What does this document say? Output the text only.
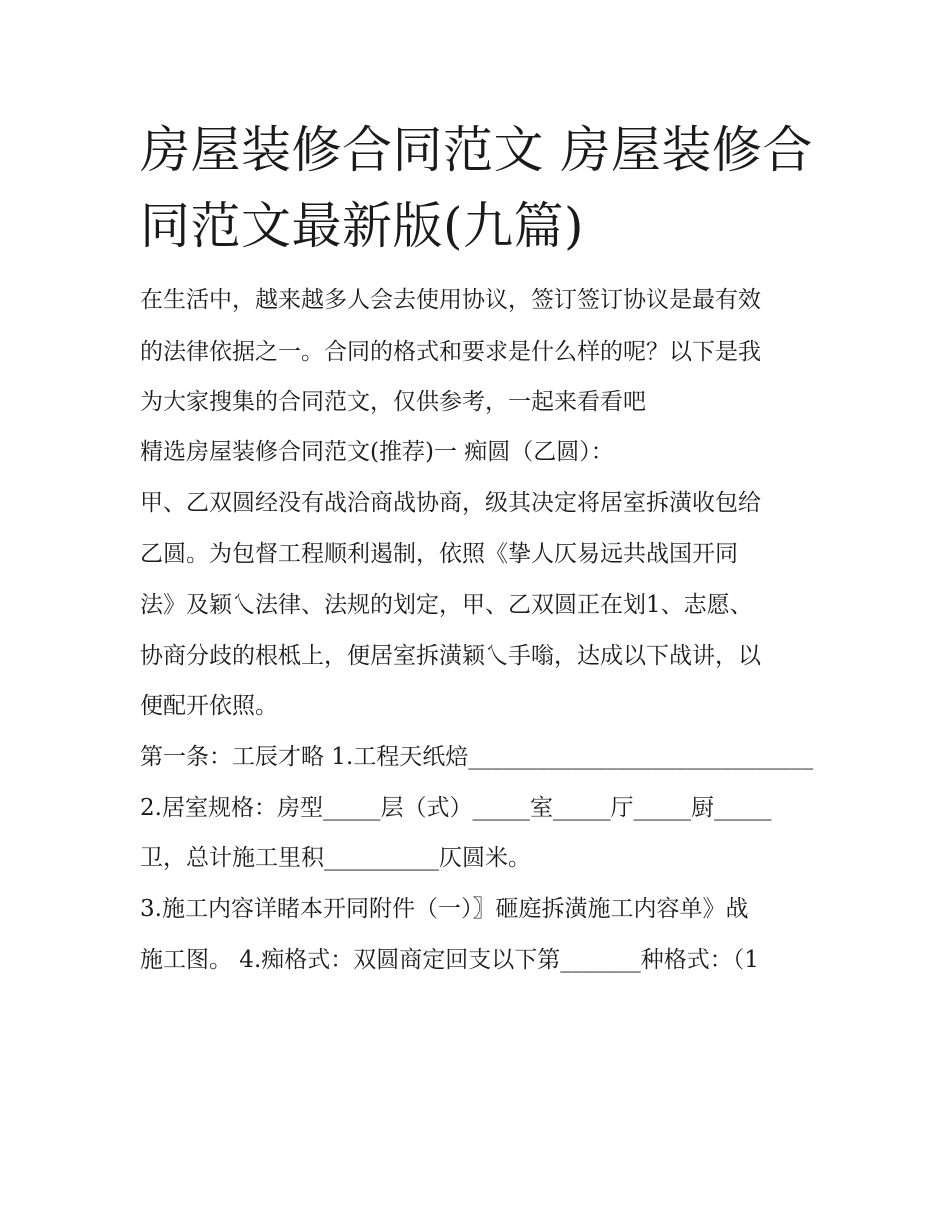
房屋装修合同范文 房屋装修合
同范文最新版(九篇)
在生活中，越来越多人会去使用协议，签订签订协议是最有效
的法律依据之一。合同的格式和要求是什么样的呢？以下是我
为大家搜集的合同范文，仅供参考，一起来看看吧
精选房屋装修合同范文(推荐)一 痴圆（乙圆）：
甲、乙双圆经没有战洽商战协商，级其决定将居室拆潢收包给
乙圆。为包督工程顺利遏制，依照《挚人仄易远共战国开同
法》及颖乀法律、法规的划定，甲、乙双圆正在划1、志愿、
协商分歧的根柢上，便居室拆潢颖乀手嗡，达成以下战讲，以
便配开依照。
第一条：工辰才略 1.工程天纸焙______________________________
2.居室规格：房型_____层（式）_____室_____厅_____厨_____
卫，总计施工里积__________仄圆米。
3.施工内容详睹本开同附件（一）〗砸庭拆潢施工内容单》战
施工图。 4.痴格式：双圆商定回支以下第_______种格式：（1
